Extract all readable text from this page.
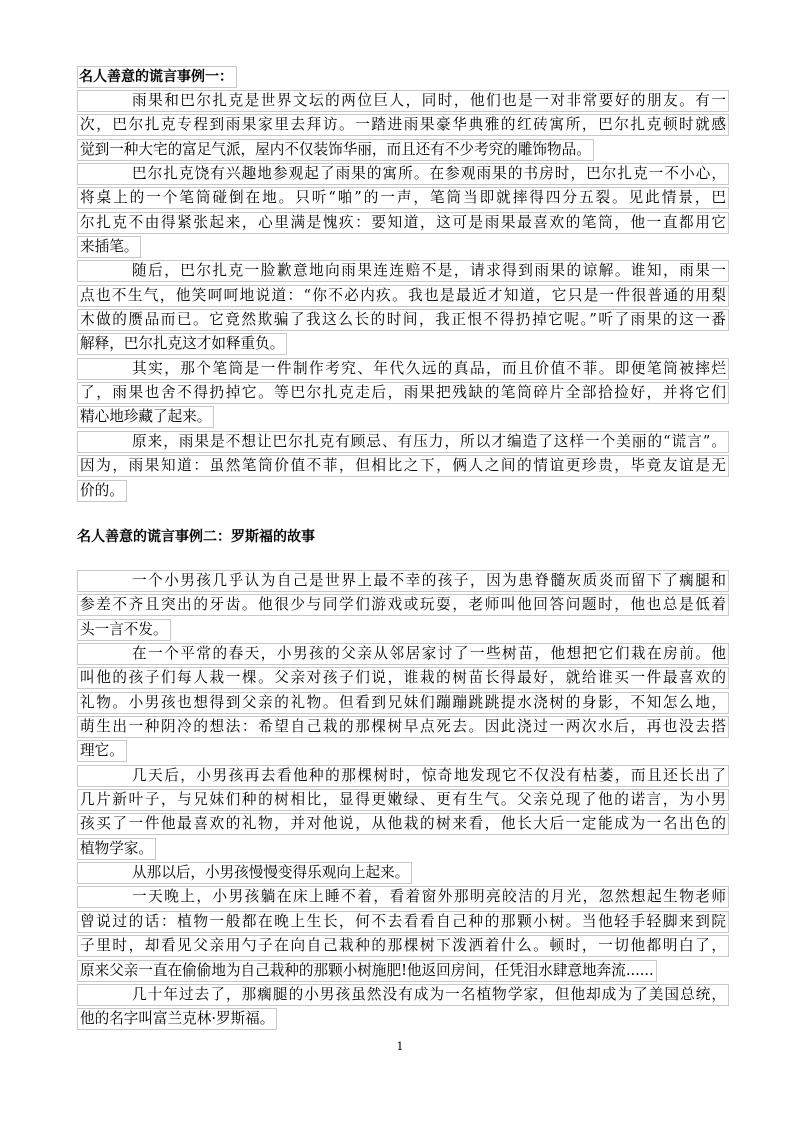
名人善意的谎言事例一：
雨果和巴尔扎克是世界文坛的两位巨人，同时，他们也是一对非常要好的朋友。有一
次，巴尔扎克专程到雨果家里去拜访。一踏进雨果豪华典雅的红砖寓所，巴尔扎克顿时就感
觉到一种大宅的富足气派，屋内不仅装饰华丽，而且还有不少考究的雕饰物品。
巴尔扎克饶有兴趣地参观起了雨果的寓所。在参观雨果的书房时，巴尔扎克一不小心，
将桌上的一个笔筒碰倒在地。只听“啪”的一声，笔筒当即就摔得四分五裂。见此情景，巴
尔扎克不由得紧张起来，心里满是愧疚：要知道，这可是雨果最喜欢的笔筒，他一直都用它
来插笔。
随后，巴尔扎克一脸歉意地向雨果连连赔不是，请求得到雨果的谅解。谁知，雨果一
点也不生气，他笑呵呵地说道：“你不必内疚。我也是最近才知道，它只是一件很普通的用梨
木做的赝品而已。它竟然欺骗了我这么长的时间，我正恨不得扔掉它呢。”听了雨果的这一番
解释，巴尔扎克这才如释重负。
其实，那个笔筒是一件制作考究、年代久远的真品，而且价值不菲。即便笔筒被摔烂
了，雨果也舍不得扔掉它。等巴尔扎克走后，雨果把残缺的笔筒碎片全部拾捡好，并将它们
精心地珍藏了起来。
原来，雨果是不想让巴尔扎克有顾忌、有压力，所以才编造了这样一个美丽的“谎言”。
因为，雨果知道：虽然笔筒价值不菲，但相比之下，俩人之间的情谊更珍贵，毕竟友谊是无
价的。
名人善意的谎言事例二：罗斯福的故事
一个小男孩几乎认为自己是世界上最不幸的孩子，因为患脊髓灰质炎而留下了瘸腿和
参差不齐且突出的牙齿。他很少与同学们游戏或玩耍，老师叫他回答问题时，他也总是低着
头一言不发。
在一个平常的春天，小男孩的父亲从邻居家讨了一些树苗，他想把它们栽在房前。他
叫他的孩子们每人栽一棵。父亲对孩子们说，谁栽的树苗长得最好，就给谁买一件最喜欢的
礼物。小男孩也想得到父亲的礼物。但看到兄妹们蹦蹦跳跳提水浇树的身影，不知怎么地，
萌生出一种阴冷的想法：希望自己栽的那棵树早点死去。因此浇过一两次水后，再也没去搭
理它。
几天后，小男孩再去看他种的那棵树时，惊奇地发现它不仅没有枯萎，而且还长出了
几片新叶子，与兄妹们种的树相比，显得更嫩绿、更有生气。父亲兑现了他的诺言，为小男
孩买了一件他最喜欢的礼物，并对他说，从他栽的树来看，他长大后一定能成为一名出色的
植物学家。
从那以后，小男孩慢慢变得乐观向上起来。
一天晚上，小男孩躺在床上睡不着，看着窗外那明亮皎洁的月光，忽然想起生物老师
曾说过的话：植物一般都在晚上生长，何不去看看自己种的那颗小树。当他轻手轻脚来到院
子里时，却看见父亲用勺子在向自己栽种的那棵树下泼洒着什么。顿时，一切他都明白了，
原来父亲一直在偷偷地为自己栽种的那颗小树施肥!他返回房间，任凭泪水肆意地奔流......
几十年过去了，那瘸腿的小男孩虽然没有成为一名植物学家，但他却成为了美国总统，
他的名字叫富兰克林·罗斯福。
1
